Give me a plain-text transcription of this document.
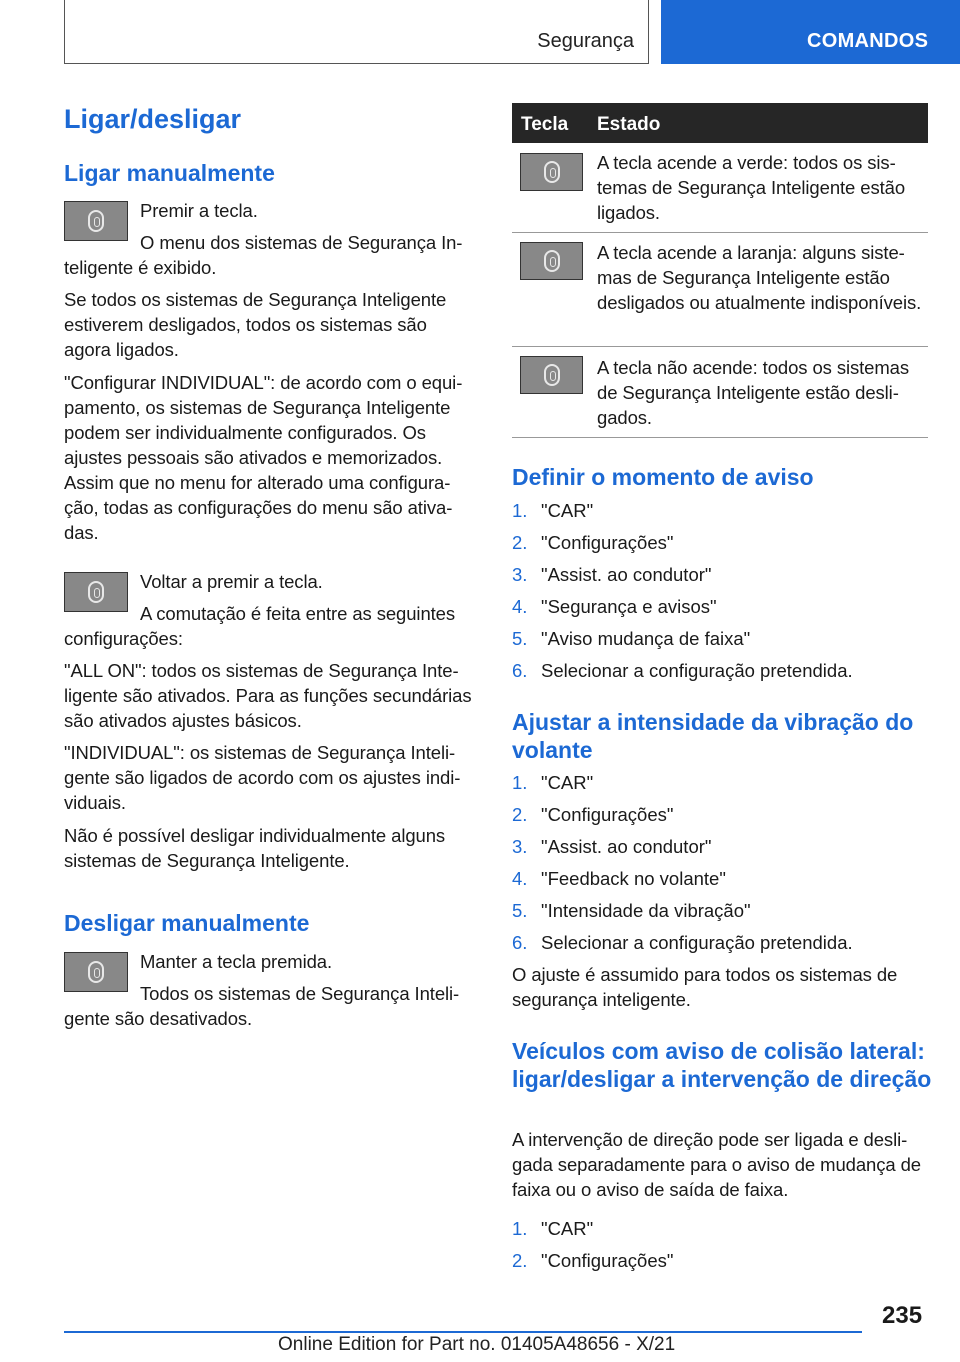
Segurança	COMANDOS
Ligar/desligar
Ligar manualmente

Premir a tecla.

O menu dos sistemas de Segurança In-

teligente é exibido.

Se todos os sistemas de Segurança Inteligente estiverem desligados, todos os sistemas são agora ligados.

"Configurar INDIVIDUAL": de acordo com o equipamento, os sistemas de Segurança Inteligente podem ser individualmente configurados. Os ajustes pessoais são ativados e memorizados. Assim que no menu for alterado uma configuração, todas as configurações do menu são ativadas.

Voltar a premir a tecla.

A comutação é feita entre as seguintes

configurações:

"ALL ON": todos os sistemas de Segurança Inteligente são ativados. Para as funções secundárias são ativados ajustes básicos.

"INDIVIDUAL": os sistemas de Segurança Inteligente são ligados de acordo com os ajustes individuais.

Não é possível desligar individualmente alguns sistemas de Segurança Inteligente.

Desligar manualmente

Manter a tecla premida.

Todos os sistemas de Segurança Inteli-

gente são desativados.

Tecla Estado

A tecla acende a verde: todos os sistemas de Segurança Inteligente estão ligados.

A tecla acende a laranja: alguns sistemas de Segurança Inteligente estão desligados ou atualmente indisponíveis.

A tecla não acende: todos os sistemas de Segurança Inteligente estão desligados.

Definir o momento de aviso
1. "CAR"
2. "Configurações"
3. "Assist. ao condutor"
4. "Segurança e avisos"
5. "Aviso mudança de faixa"
6. Selecionar a configuração pretendida.
Ajustar a intensidade da vibração do volante
1. "CAR"
2. "Configurações"
3. "Assist. ao condutor"
4. "Feedback no volante"
5. "Intensidade da vibração"
6. Selecionar a configuração pretendida.

O ajuste é assumido para todos os sistemas de segurança inteligente.

Veículos com aviso de colisão lateral: ligar/desligar a intervenção de direção

A intervenção de direção pode ser ligada e desligada separadamente para o aviso de mudança de faixa ou o aviso de saída de faixa.

1. "CAR"
2. "Configurações"
235
Online Edition for Part no. 01405A48656 - X/21
